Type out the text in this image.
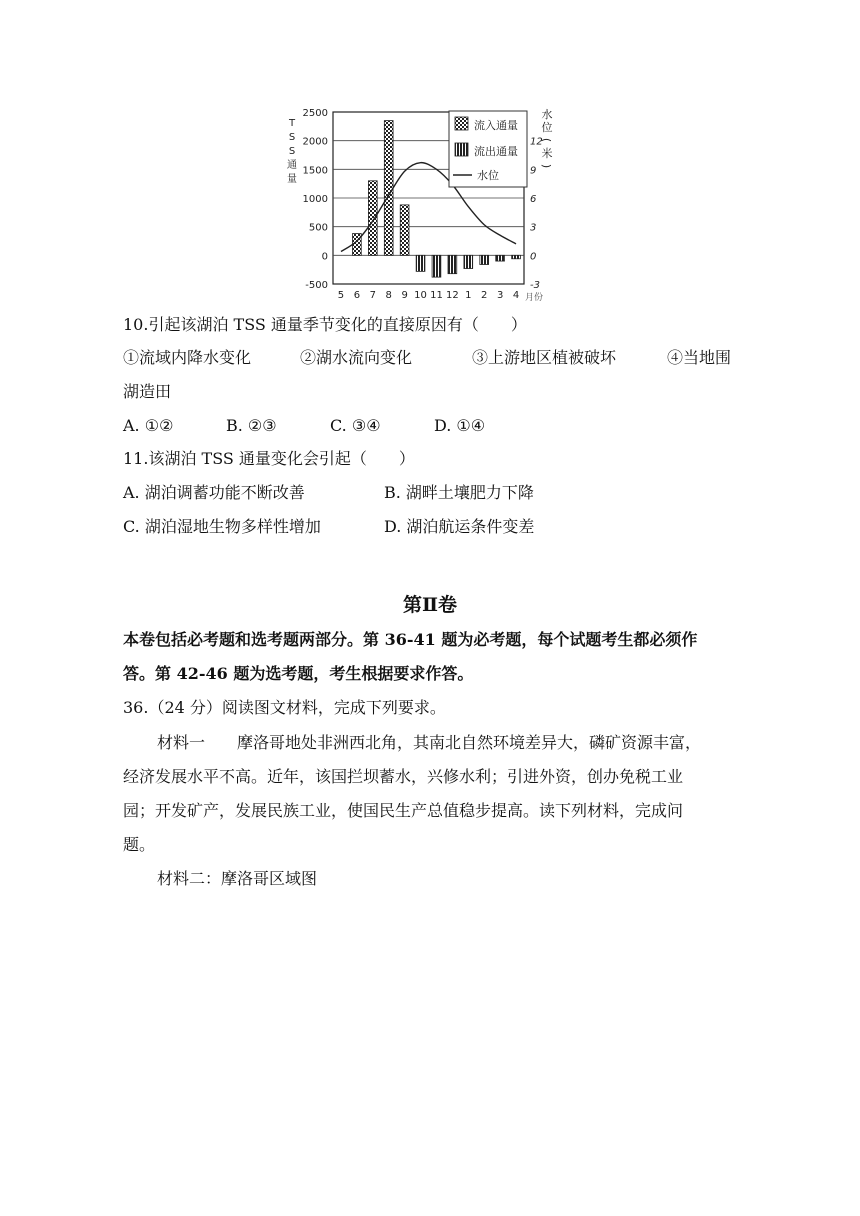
2500
2000
1500
1000
500
0
-500
12
9
6
3
0
-3
5 6 7 8 9 10 11 12 1 2 3 4 月份
T
S
S
通
量
水
位
(
米
)
流入通量
流出通量
水位
10.引起该湖泊 TSS 通量季节变化的直接原因有（　　）
①流域内降水变化	②湖水流向变化	③上游地区植被破坏	④当地围
湖造田
A. ①②	B. ②③	C. ③④	D. ①④
11.该湖泊 TSS 通量变化会引起（　　）
A. 湖泊调蓄功能不断改善	B. 湖畔土壤肥力下降
C. 湖泊湿地生物多样性增加	D. 湖泊航运条件变差
第Ⅱ卷
本卷包括必考题和选考题两部分。第 36-41 题为必考题，每个试题考生都必须作
答。第 42-46 题为选考题，考生根据要求作答。
36.（24 分）阅读图文材料，完成下列要求。
材料一　　摩洛哥地处非洲西北角，其南北自然环境差异大，磷矿资源丰富，
经济发展水平不高。近年，该国拦坝蓄水，兴修水利；引进外资，创办免税工业
园；开发矿产，发展民族工业，使国民生产总值稳步提高。读下列材料，完成问
题。
材料二：摩洛哥区域图
